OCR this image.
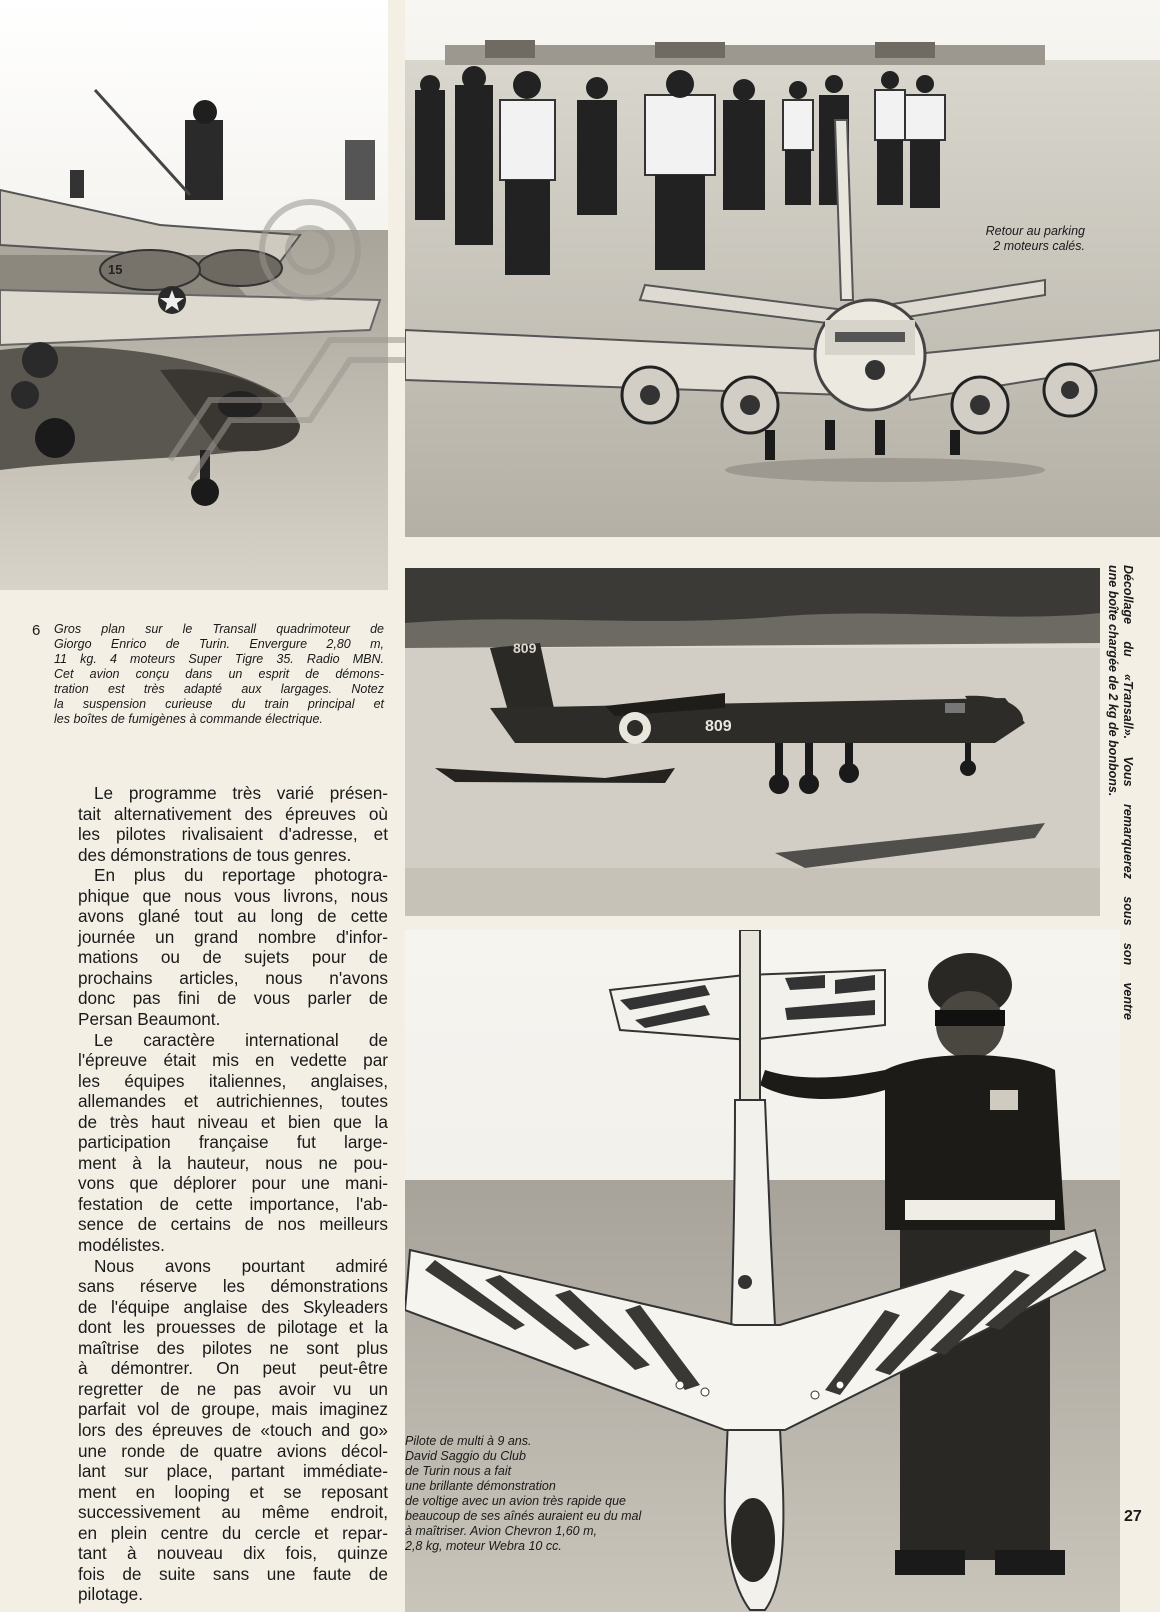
15
Retour au parking
2 moteurs calés.
6 Gros plan sur le Transall quadrimoteur de
Giorgo Enrico de Turin. Envergure 2,80 m,
11 kg. 4 moteurs Super Tigre 35. Radio MBN.
Cet avion conçu dans un esprit de démons-
tration est très adapté aux largages. Notez
la suspension curieuse du train principal et
les boîtes de fumigènes à commande électrique.
809
809	Décollage du «Transall». Vous remarquerez sous son ventre
une boîte chargée de 2 kg de bonbons.
Pilote de multi à 9 ans.
David Saggio du Club
de Turin nous a fait
une brillante démonstration
de voltige avec un avion très rapide que
beaucoup de ses aînés auraient eu du mal
à maîtriser. Avion Chevron 1,60 m,
2,8 kg, moteur Webra 10 cc.
Le programme très varié présen-
tait alternativement des épreuves où
les pilotes rivalisaient d'adresse, et
des démonstrations de tous genres.
En plus du reportage photogra-
phique que nous vous livrons, nous
avons glané tout au long de cette
journée un grand nombre d'infor-
mations ou de sujets pour de
prochains articles, nous n'avons
donc pas fini de vous parler de
Persan Beaumont.
Le caractère international de
l'épreuve était mis en vedette par
les équipes italiennes, anglaises,
allemandes et autrichiennes, toutes
de très haut niveau et bien que la
participation française fut large-
ment à la hauteur, nous ne pou-
vons que déplorer pour une mani-
festation de cette importance, l'ab-
sence de certains de nos meilleurs
modélistes.
Nous avons pourtant admiré
sans réserve les démonstrations
de l'équipe anglaise des Skyleaders
dont les prouesses de pilotage et la
maîtrise des pilotes ne sont plus
à démontrer. On peut peut-être
regretter de ne pas avoir vu un
parfait vol de groupe, mais imaginez
lors des épreuves de «touch and go»
une ronde de quatre avions décol-
lant sur place, partant immédiate-
ment en looping et se reposant
successivement au même endroit,
en plein centre du cercle et repar-
tant à nouveau dix fois, quinze
fois de suite sans une faute de
pilotage.
27
